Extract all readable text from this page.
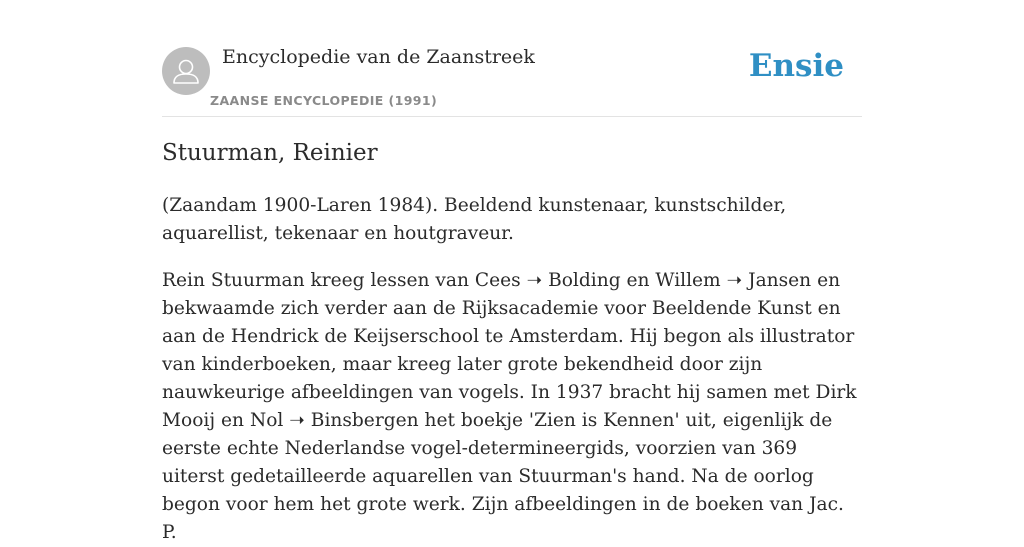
Encyclopedie van de Zaanstreek
ZAANSE ENCYCLOPEDIE (1991)
Ensie
Stuurman, Reinier

(Zaandam 1900-Laren 1984). Beeldend kunstenaar, kunstschilder, aquarellist, tekenaar en houtgraveur.

Rein Stuurman kreeg lessen van Cees ➝ Bolding en Willem ➝ Jansen en bekwaamde zich verder aan de Rijksacademie voor Beeldende Kunst en aan de Hendrick de Keijserschool te Amsterdam. Hij begon als illustrator van kinderboeken, maar kreeg later grote bekendheid door zijn nauwkeurige afbeeldingen van vogels. In 1937 bracht hij samen met Dirk Mooij en Nol ➝ Binsbergen het boekje 'Zien is Kennen' uit, eigenlijk de eerste echte Nederlandse vogel-determineergids, voorzien van 369 uiterst gedetailleerde aquarellen van Stuurman's hand. Na de oorlog begon voor hem het grote werk. Zijn afbeeldingen in de boeken van Jac. P.
